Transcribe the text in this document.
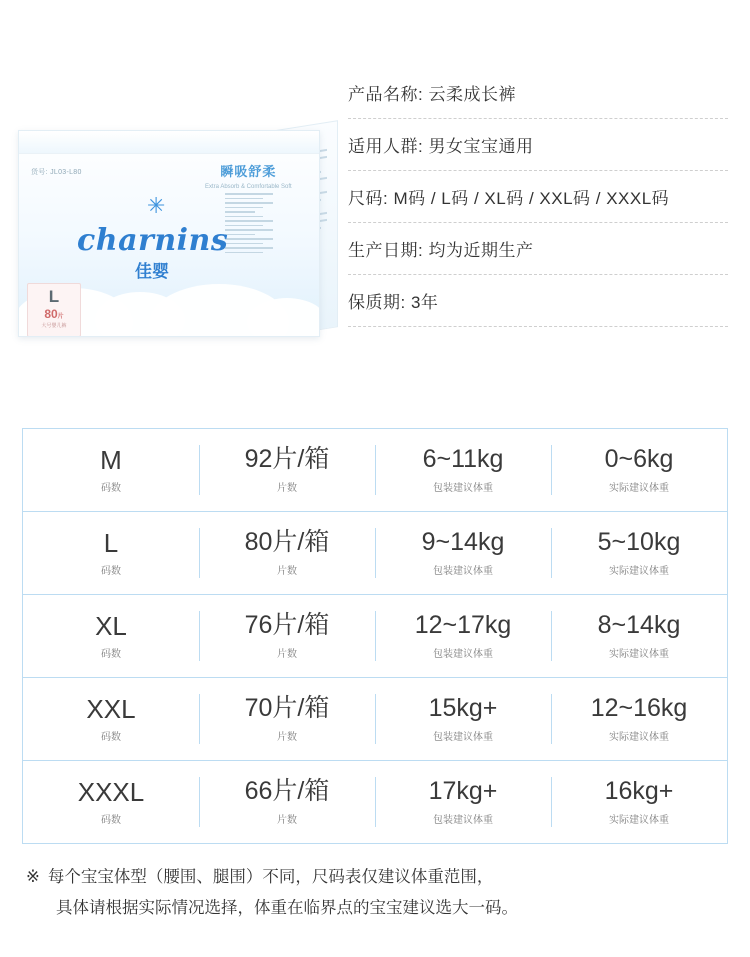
货号: JL03-L80	瞬吸舒柔
Extra Absorb & Comfortable Soft
✳
charnins
佳婴
L
80片
大号婴儿裤
产品名称: 云柔成长裤
适用人群: 男女宝宝通用
尺码: M码 / L码 / XL码 / XXL码 / XXXL码
生产日期: 均为近期生产
保质期: 3年
M
码数
92片/箱
片数
6~11kg
包装建议体重
0~6kg
实际建议体重
L
码数
80片/箱
片数
9~14kg
包装建议体重
5~10kg
实际建议体重
XL
码数
76片/箱
片数
12~17kg
包装建议体重
8~14kg
实际建议体重
XXL
码数
70片/箱
片数
15kg+
包装建议体重
12~16kg
实际建议体重
XXXL
码数
66片/箱
片数
17kg+
包装建议体重
16kg+
实际建议体重
※ 每个宝宝体型（腰围、腿围）不同，尺码表仅建议体重范围，
具体请根据实际情况选择，体重在临界点的宝宝建议选大一码。
